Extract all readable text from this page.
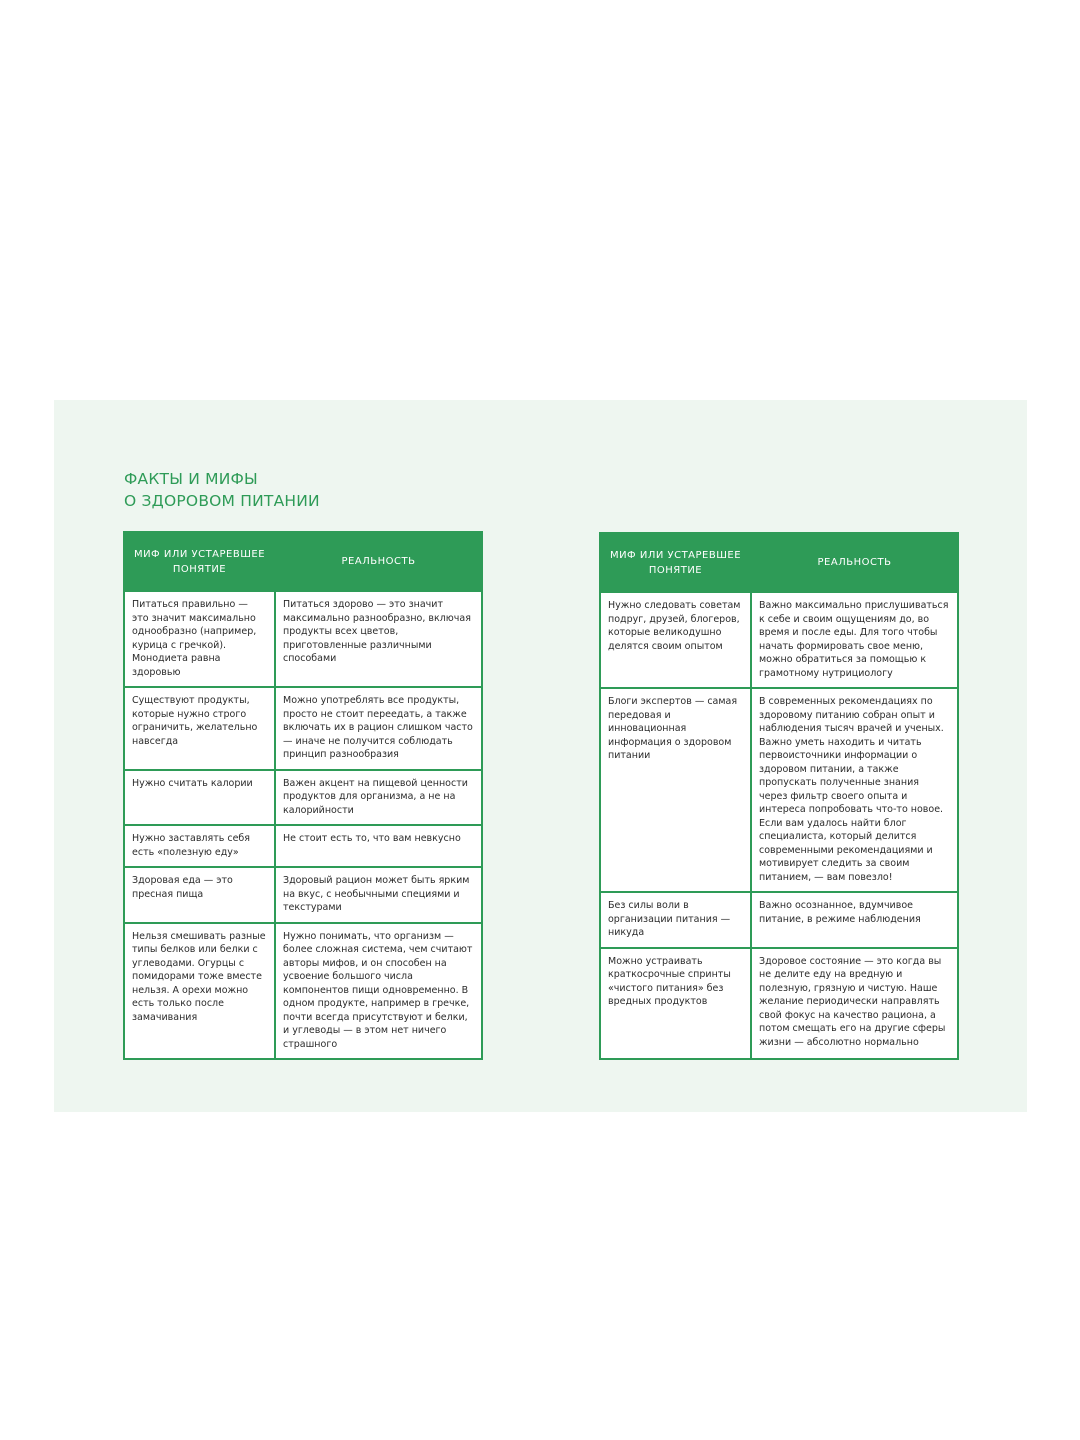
ФАКТЫ И МИФЫ
О ЗДОРОВОМ ПИТАНИИ
МИФ ИЛИ УСТАРЕВШЕЕ ПОНЯТИЕ	РЕАЛЬНОСТЬ
Питаться правильно — это значит максимально однообразно (например, курица с гречкой). Монодиета равна здоровью	Питаться здорово — это значит максимально разнообразно, включая продукты всех цветов, приготовленные различными способами
Существуют продукты, которые нужно строго ограничить, желательно навсегда	Можно употреблять все продукты, просто не стоит переедать, а также включать их в рацион слишком часто — иначе не получится соблюдать принцип разнообразия
Нужно считать калории	Важен акцент на пищевой ценности продуктов для организма, а не на калорийности
Нужно заставлять себя есть «полезную еду»	Не стоит есть то, что вам невкусно
Здоровая еда — это пресная пища	Здоровый рацион может быть ярким на вкус, с необычными специями и текстурами
Нельзя смешивать разные типы белков или белки с углеводами. Огурцы с помидорами тоже вместе нельзя. А орехи можно есть только после замачивания	Нужно понимать, что организм — более сложная система, чем считают авторы мифов, и он способен на усвоение большого числа компонентов пищи одновременно. В одном продукте, например в гречке, почти всегда присутствуют и белки, и углеводы — в этом нет ничего страшного
МИФ ИЛИ УСТАРЕВШЕЕ ПОНЯТИЕ	РЕАЛЬНОСТЬ
Нужно следовать советам подруг, друзей, блогеров, которые великодушно делятся своим опытом	Важно максимально прислушиваться к себе и своим ощущениям до, во время и после еды. Для того чтобы начать формировать свое меню, можно обратиться за помощью к грамотному нутрициологу
Блоги экспертов — самая передовая и инновационная информация о здоровом питании	В современных рекомендациях по здоровому питанию собран опыт и наблюдения тысяч врачей и ученых. Важно уметь находить и читать первоисточники информации о здоровом питании, а также пропускать полученные знания через фильтр своего опыта и интереса попробовать что-то новое. Если вам удалось найти блог специалиста, который делится современными рекомендациями и мотивирует следить за своим питанием, — вам повезло!
Без силы воли в организации питания — никуда	Важно осознанное, вдумчивое питание, в режиме наблюдения
Можно устраивать краткосрочные спринты «чистого питания» без вредных продуктов	Здоровое состояние — это когда вы не делите еду на вредную и полезную, грязную и чистую. Наше желание периодически направлять свой фокус на качество рациона, а потом смещать его на другие сферы жизни — абсолютно нормально
